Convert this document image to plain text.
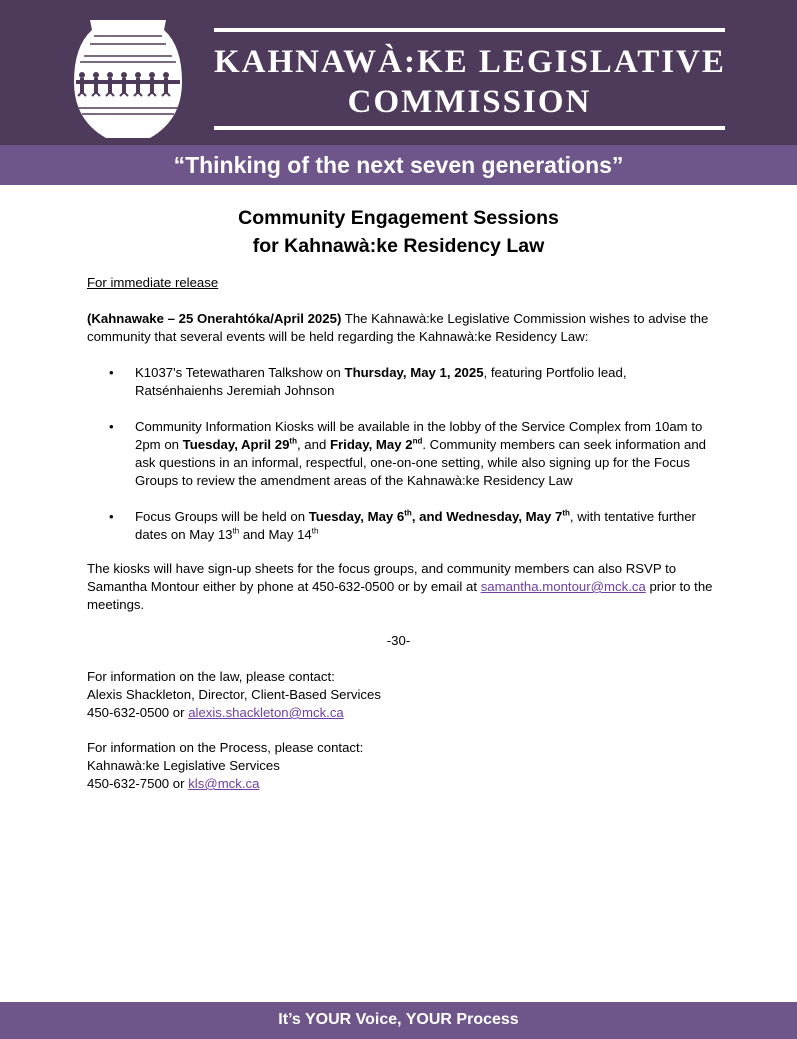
KAHNAWÀ:KE LEGISLATIVE
COMMISSION
“Thinking of the next seven generations”
Community Engagement Sessions
for Kahnawà:ke Residency Law
For immediate release
(Kahnawake – 25 Onerahtóka/April 2025) The Kahnawà:ke Legislative Commission wishes to advise the community that several events will be held regarding the Kahnawà:ke Residency Law:
• K1037's Tetewatharen Talkshow on Thursday, May 1, 2025, featuring Portfolio lead, Ratsénhaienhs Jeremiah Johnson
• Community Information Kiosks will be available in the lobby of the Service Complex from 10am to 2pm on Tuesday, April 29th, and Friday, May 2nd. Community members can seek information and ask questions in an informal, respectful, one-on-one setting, while also signing up for the Focus Groups to review the amendment areas of the Kahnawà:ke Residency Law
• Focus Groups will be held on Tuesday, May 6th, and Wednesday, May 7th, with tentative further dates on May 13th and May 14th
The kiosks will have sign-up sheets for the focus groups, and community members can also RSVP to Samantha Montour either by phone at 450-632-0500 or by email at samantha.montour@mck.ca prior to the meetings.
-30-
For information on the law, please contact:
Alexis Shackleton, Director, Client-Based Services
450-632-0500 or alexis.shackleton@mck.ca
For information on the Process, please contact:
Kahnawà:ke Legislative Services
450-632-7500 or kls@mck.ca
It’s YOUR Voice, YOUR Process
